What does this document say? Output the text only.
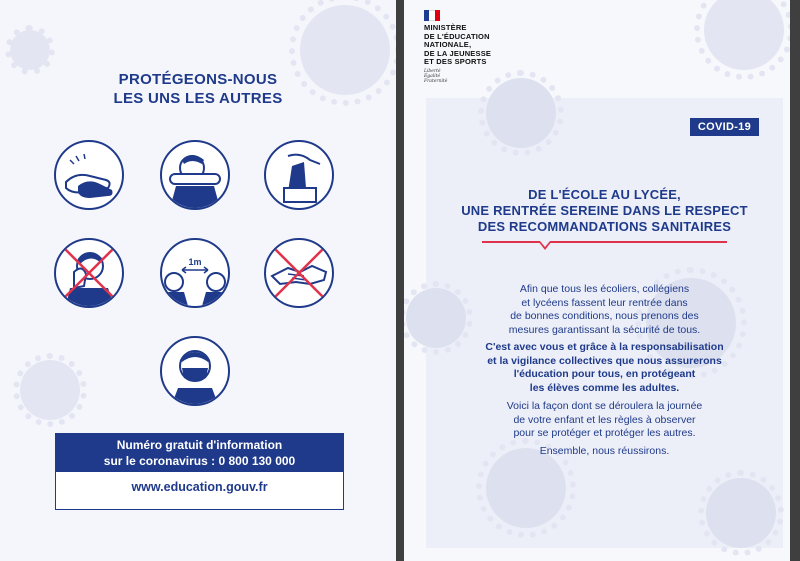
PROTÉGEONS-NOUS
LES UNS LES AUTRES
1m
Numéro gratuit d'information
sur le coronavirus : 0 800 130 000
www.education.gouv.fr
MINISTÈRE
DE L'ÉDUCATION
NATIONALE,
DE LA JEUNESSE
ET DES SPORTS
Liberté
Égalité
Fraternité
COVID-19
DE L'ÉCOLE AU LYCÉE,
UNE RENTRÉE SEREINE DANS LE RESPECT
DES RECOMMANDATIONS SANITAIRES
Afin que tous les écoliers, collégiens
et lycéens fassent leur rentrée dans
de bonnes conditions, nous prenons des
mesures garantissant la sécurité de tous.
C'est avec vous et grâce à la responsabilisation
et la vigilance collectives que nous assurerons
l'éducation pour tous, en protégeant
les élèves comme les adultes.
Voici la façon dont se déroulera la journée
de votre enfant et les règles à observer
pour se protéger et protéger les autres.
Ensemble, nous réussirons.
